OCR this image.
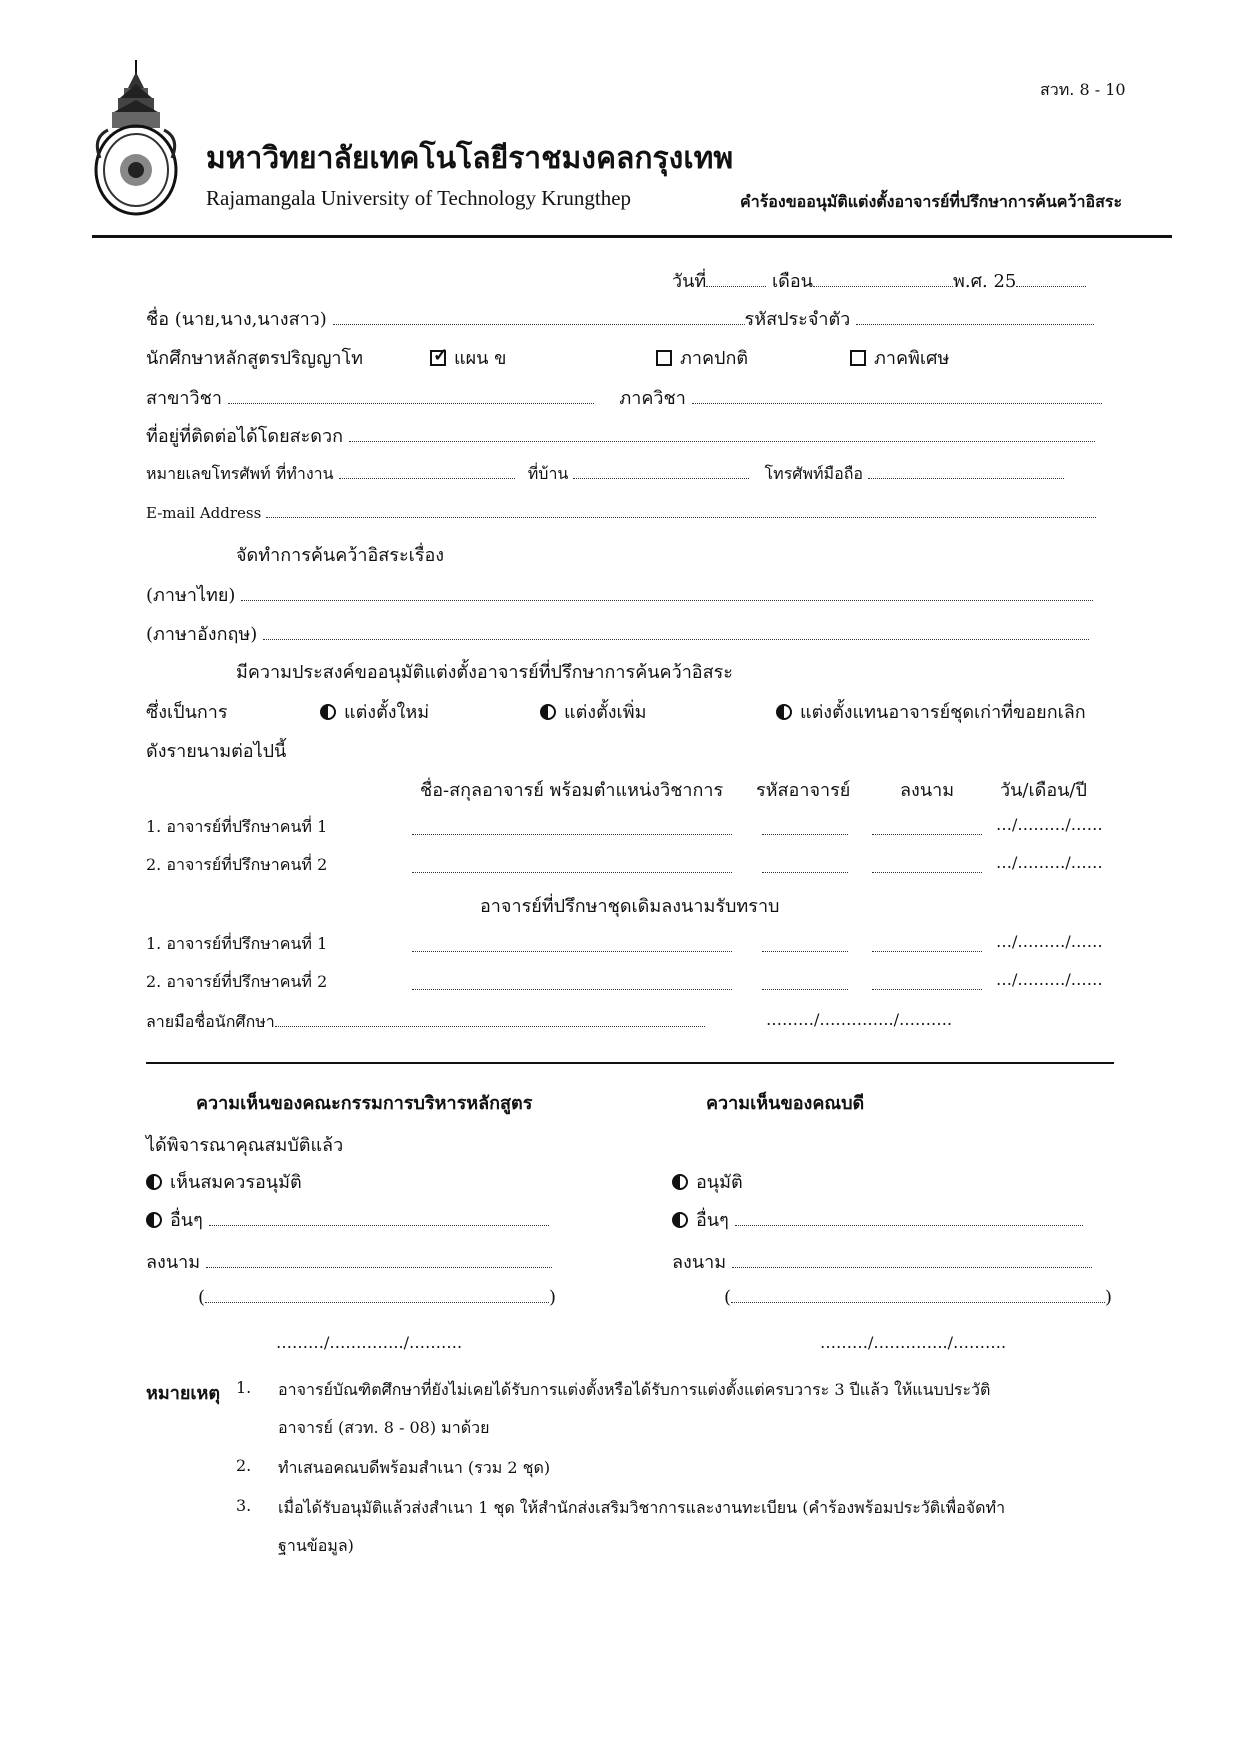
สวท. 8 - 10
มหาวิทยาลัยเทคโนโลยีราชมงคลกรุงเทพ
Rajamangala University of Technology Krungthep	คำร้องขออนุมัติแต่งตั้งอาจารย์ที่ปรึกษาการค้นคว้าอิสระ
วันที่	เดือน	พ.ศ. 25
ชื่อ (นาย,นาง,นางสาว)	รหัสประจำตัว
นักศึกษาหลักสูตรปริญญาโท
✓	แผน ข	ภาคปกติ	ภาคพิเศษ
สาขาวิชา	ภาควิชา
ที่อยู่ที่ติดต่อได้โดยสะดวก
หมายเลขโทรศัพท์ ที่ทำงาน	ที่บ้าน	โทรศัพท์มือถือ
E-mail Address
จัดทำการค้นคว้าอิสระเรื่อง
(ภาษาไทย)
(ภาษาอังกฤษ)
มีความประสงค์ขออนุมัติแต่งตั้งอาจารย์ที่ปรึกษาการค้นคว้าอิสระ
ซึ่งเป็นการ	แต่งตั้งใหม่	แต่งตั้งเพิ่ม	แต่งตั้งแทนอาจารย์ชุดเก่าที่ขอยกเลิก
ดังรายนามต่อไปนี้
ชื่อ-สกุลอาจารย์ พร้อมตำแหน่งวิชาการ รหัสอาจารย์	ลงนาม	วัน/เดือน/ปี
1. อาจารย์ที่ปรึกษาคนที่ 1	…/………/……
2. อาจารย์ที่ปรึกษาคนที่ 2	…/………/……
อาจารย์ที่ปรึกษาชุดเดิมลงนามรับทราบ
1. อาจารย์ที่ปรึกษาคนที่ 1	…/………/……
2. อาจารย์ที่ปรึกษาคนที่ 2	…/………/……
ลายมือชื่อนักศึกษา	………/…………../……….
ความเห็นของคณะกรรมการบริหารหลักสูตร
ได้พิจารณาคุณสมบัติแล้ว
เห็นสมควรอนุมัติ
อื่นๆ
ลงนาม
(	)
………/…………../……….
ความเห็นของคณบดี
อนุมัติ
อื่นๆ
ลงนาม
(	)
………/…………../……….
หมายเหตุ 1. อาจารย์บัณฑิตศึกษาที่ยังไม่เคยได้รับการแต่งตั้งหรือได้รับการแต่งตั้งแต่ครบวาระ 3 ปีแล้ว ให้แนบประวัติ
อาจารย์ (สวท. 8 - 08) มาด้วย
2. ทำเสนอคณบดีพร้อมสำเนา (รวม 2 ชุด)
3. เมื่อได้รับอนุมัติแล้วส่งสำเนา 1 ชุด ให้สำนักส่งเสริมวิชาการและงานทะเบียน (คำร้องพร้อมประวัติเพื่อจัดทำ
ฐานข้อมูล)
